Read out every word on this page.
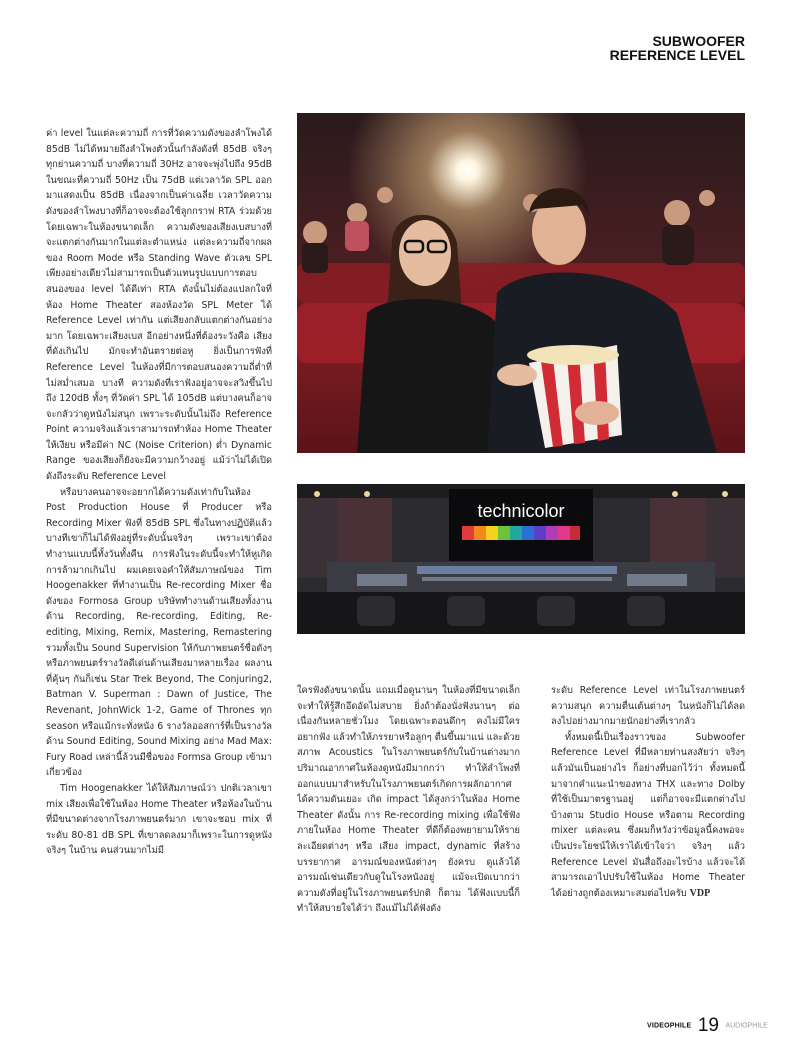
SUBWOOFER
REFERENCE LEVEL

ค่า level ในแต่ละความถี่ การที่วัดความดังของลำโพงได้ 85dB ไม่ได้หมายถึงลำโพงตัวนั้นกำลังดังที่ 85dB จริงๆ ทุกย่านความถี่ บางที่ความถี่ 30Hz อาจจะพุ่งไปถึง 95dB ในขณะที่ความถี่ 50Hz เป็น 75dB แต่เวลาวัด SPL ออกมาแสดงเป็น 85dB เนื่องจากเป็นค่าเฉลี่ย เวลาวัดความดังของลำโพงบางที่ก็อาจจะต้องใช้ลูกกราฟ RTA ร่วมด้วย โดยเฉพาะในห้องขนาดเล็ก ความดังของเสียงเบสบางที่จะแตกต่างกันมากในแต่ละตำแหน่ง แต่ละความถี่จากผลของ Room Mode หรือ Standing Wave ตัวเลข SPL เพียงอย่างเดียวไม่สามารถเป็นตัวแทนรูปแบบการตอบสนองของ level ได้ดีเท่า RTA ดังนั้นไม่ต้องแปลกใจที่ห้อง Home Theater สองห้องวัด SPL Meter ได้ Reference Level เท่ากัน แต่เสียงกลับแตกต่างกันอย่างมาก โดยเฉพาะเสียงเบส อีกอย่างหนึ่งที่ต้องระวังคือ เสียงที่ดังเกินไป มักจะทำอันตรายต่อหู ยิ่งเป็นการฟังที่ Reference Level ในห้องที่มีการตอบสนองความถี่ต่ำที่ไม่สม่ำเสมอ บางที ความดังที่เราฟังอยู่อาจจะสวิงขึ้นไปถึง 120dB ทั้งๆ ที่วัดค่า SPL ได้ 105dB แต่บางคนก็อาจจะกลัวว่าดูหนังไม่สนุก เพราะระดับนั้นไม่ถึง Reference Point ความจริงแล้วเราสามารถทำห้อง Home Theater ให้เงียบ หรือมีค่า NC (Noise Criterion) ต่ำ Dynamic Range ของเสียงก็ยังจะมีความกว้างอยู่ แม้ว่าไม่ได้เปิดดังถึงระดับ Reference Level

หรือบางคนอาจจะอยากได้ความดังเท่ากับในห้อง Post Production House ที่ Producer หรือ Recording Mixer ฟังที่ 85dB SPL ซึ่งในทางปฏิบัติแล้ว บางทีเขาก็ไม่ได้ฟังอยู่ที่ระดับนั้นจริงๆ เพราะเขาต้องทำงานแบบนี้ทั้งวันทั้งคืน การฟังในระดับนี้จะทำให้หูเกิดการล้ามากเกินไป ผมเคยเจอคำให้สัมภาษณ์ของ Tim Hoogenakker ที่ทำงานเป็น Re-recording Mixer ชื่อดังของ Formosa Group บริษัททำงานด้านเสียงทั้งงานด้าน Recording, Re-recording, Editing, Re-editing, Mixing, Remix, Mastering, Remastering รวมทั้งเป็น Sound Supervision ให้กับภาพยนตร์ชื่อดังๆ หรือภาพยนตร์รางวัลดีเด่นด้านเสียงมาหลายเรื่อง ผลงานที่คุ้นๆ กันก็เช่น Star Trek Beyond, The Conjuring2, Batman V. Superman : Dawn of Justice, The Revenant, JohnWick 1-2, Game of Thrones ทุก season หรือแม้กระทั่งหนัง 6 รางวัลออสการ์ที่เป็นรางวัลด้าน Sound Editing, Sound Mixing อย่าง Mad Max: Fury Road เหล่านี้ล้วนมีชื่อของ Formsa Group เข้ามาเกี่ยวข้อง

Tim Hoogenakker ได้ให้สัมภาษณ์ว่า ปกติเวลาเขา mix เสียงเพื่อใช้ในห้อง Home Theater หรือห้องในบ้านที่มีขนาดต่างจากโรงภาพยนตร์มาก เขาจะชอบ mix ที่ระดับ 80-81 dB SPL ที่เขาลดลงมาก็เพราะในการดูหนังจริงๆ ในบ้าน คนส่วนมากไม่มี

technicolor

ใครฟังดังขนาดนั้น แถมเมื่อดูนานๆ ในห้องที่มีขนาดเล็กจะทำให้รู้สึกอึดอัดไม่สบาย ยิ่งถ้าต้องนั่งฟังนานๆ ต่อเนื่องกันหลายชั่วโมง โดยเฉพาะตอนดึกๆ คงไม่มีใครอยากฟัง แล้วทำให้ภรรยาหรือลูกๆ ตื่นขึ้นมาแน่ และด้วยสภาพ Acoustics ในโรงภาพยนตร์กับในบ้านต่างมาก ปริมาณอากาศในห้องดูหนังมีมากกว่า ทำให้ลำโพงที่ออกแบบมาสำหรับในโรงภาพยนตร์เกิดการผลักอากาศได้ความดันเยอะ เกิด impact ได้สูงกว่าในห้อง Home Theater ดังนั้น การ Re-recording mixing เพื่อใช้ฟังภายในห้อง Home Theater ที่ดีก็ต้องพยายามให้รายละเอียดต่างๆ หรือ เสียง impact, dynamic ที่สร้างบรรยากาศ อารมณ์ของหนังต่างๆ ยังครบ ดูแล้วได้อารมณ์เช่นเดียวกับดูในโรงหนังอยู่ แม้จะเปิดเบากว่าความดังที่อยู่ในโรงภาพยนตร์ปกติ ก็ตาม ได้ฟังแบบนี้ก็ทำให้สบายใจได้ว่า ถึงแม้ไม่ได้ฟังดัง

ระดับ Reference Level เท่าในโรงภาพยนตร์ ความสนุก ความตื่นเต้นต่างๆ ในหนังก็ไม่ได้ลดลงไปอย่างมากมายนักอย่างที่เรากลัว

ทั้งหมดนี้เป็นเรื่องราวของ Subwoofer Reference Level ที่มีหลายท่านสงสัยว่า จริงๆ แล้วมันเป็นอย่างไร ก็อย่างที่บอกไว้ว่า ทั้งหมดนี้มาจากคำแนะนำของทาง THX และทาง Dolby ที่ใช้เป็นมาตรฐานอยู่ แต่ก็อาจจะมีแตกต่างไปบ้างตาม Studio House หรือตาม Recording mixer แต่ละคน ซึ่งผมก็หวังว่าข้อมูลนี้คงพอจะเป็นประโยชน์ให้เราได้เข้าใจว่า จริงๆ แล้ว Reference Level มันสื่อถึงอะไรบ้าง แล้วจะได้สามารถเอาไปปรับใช้ในห้อง Home Theater ได้อย่างถูกต้องเหมาะสมต่อไปครับ VDP

VIDEOPHILE 19 AUDIOPHILE
